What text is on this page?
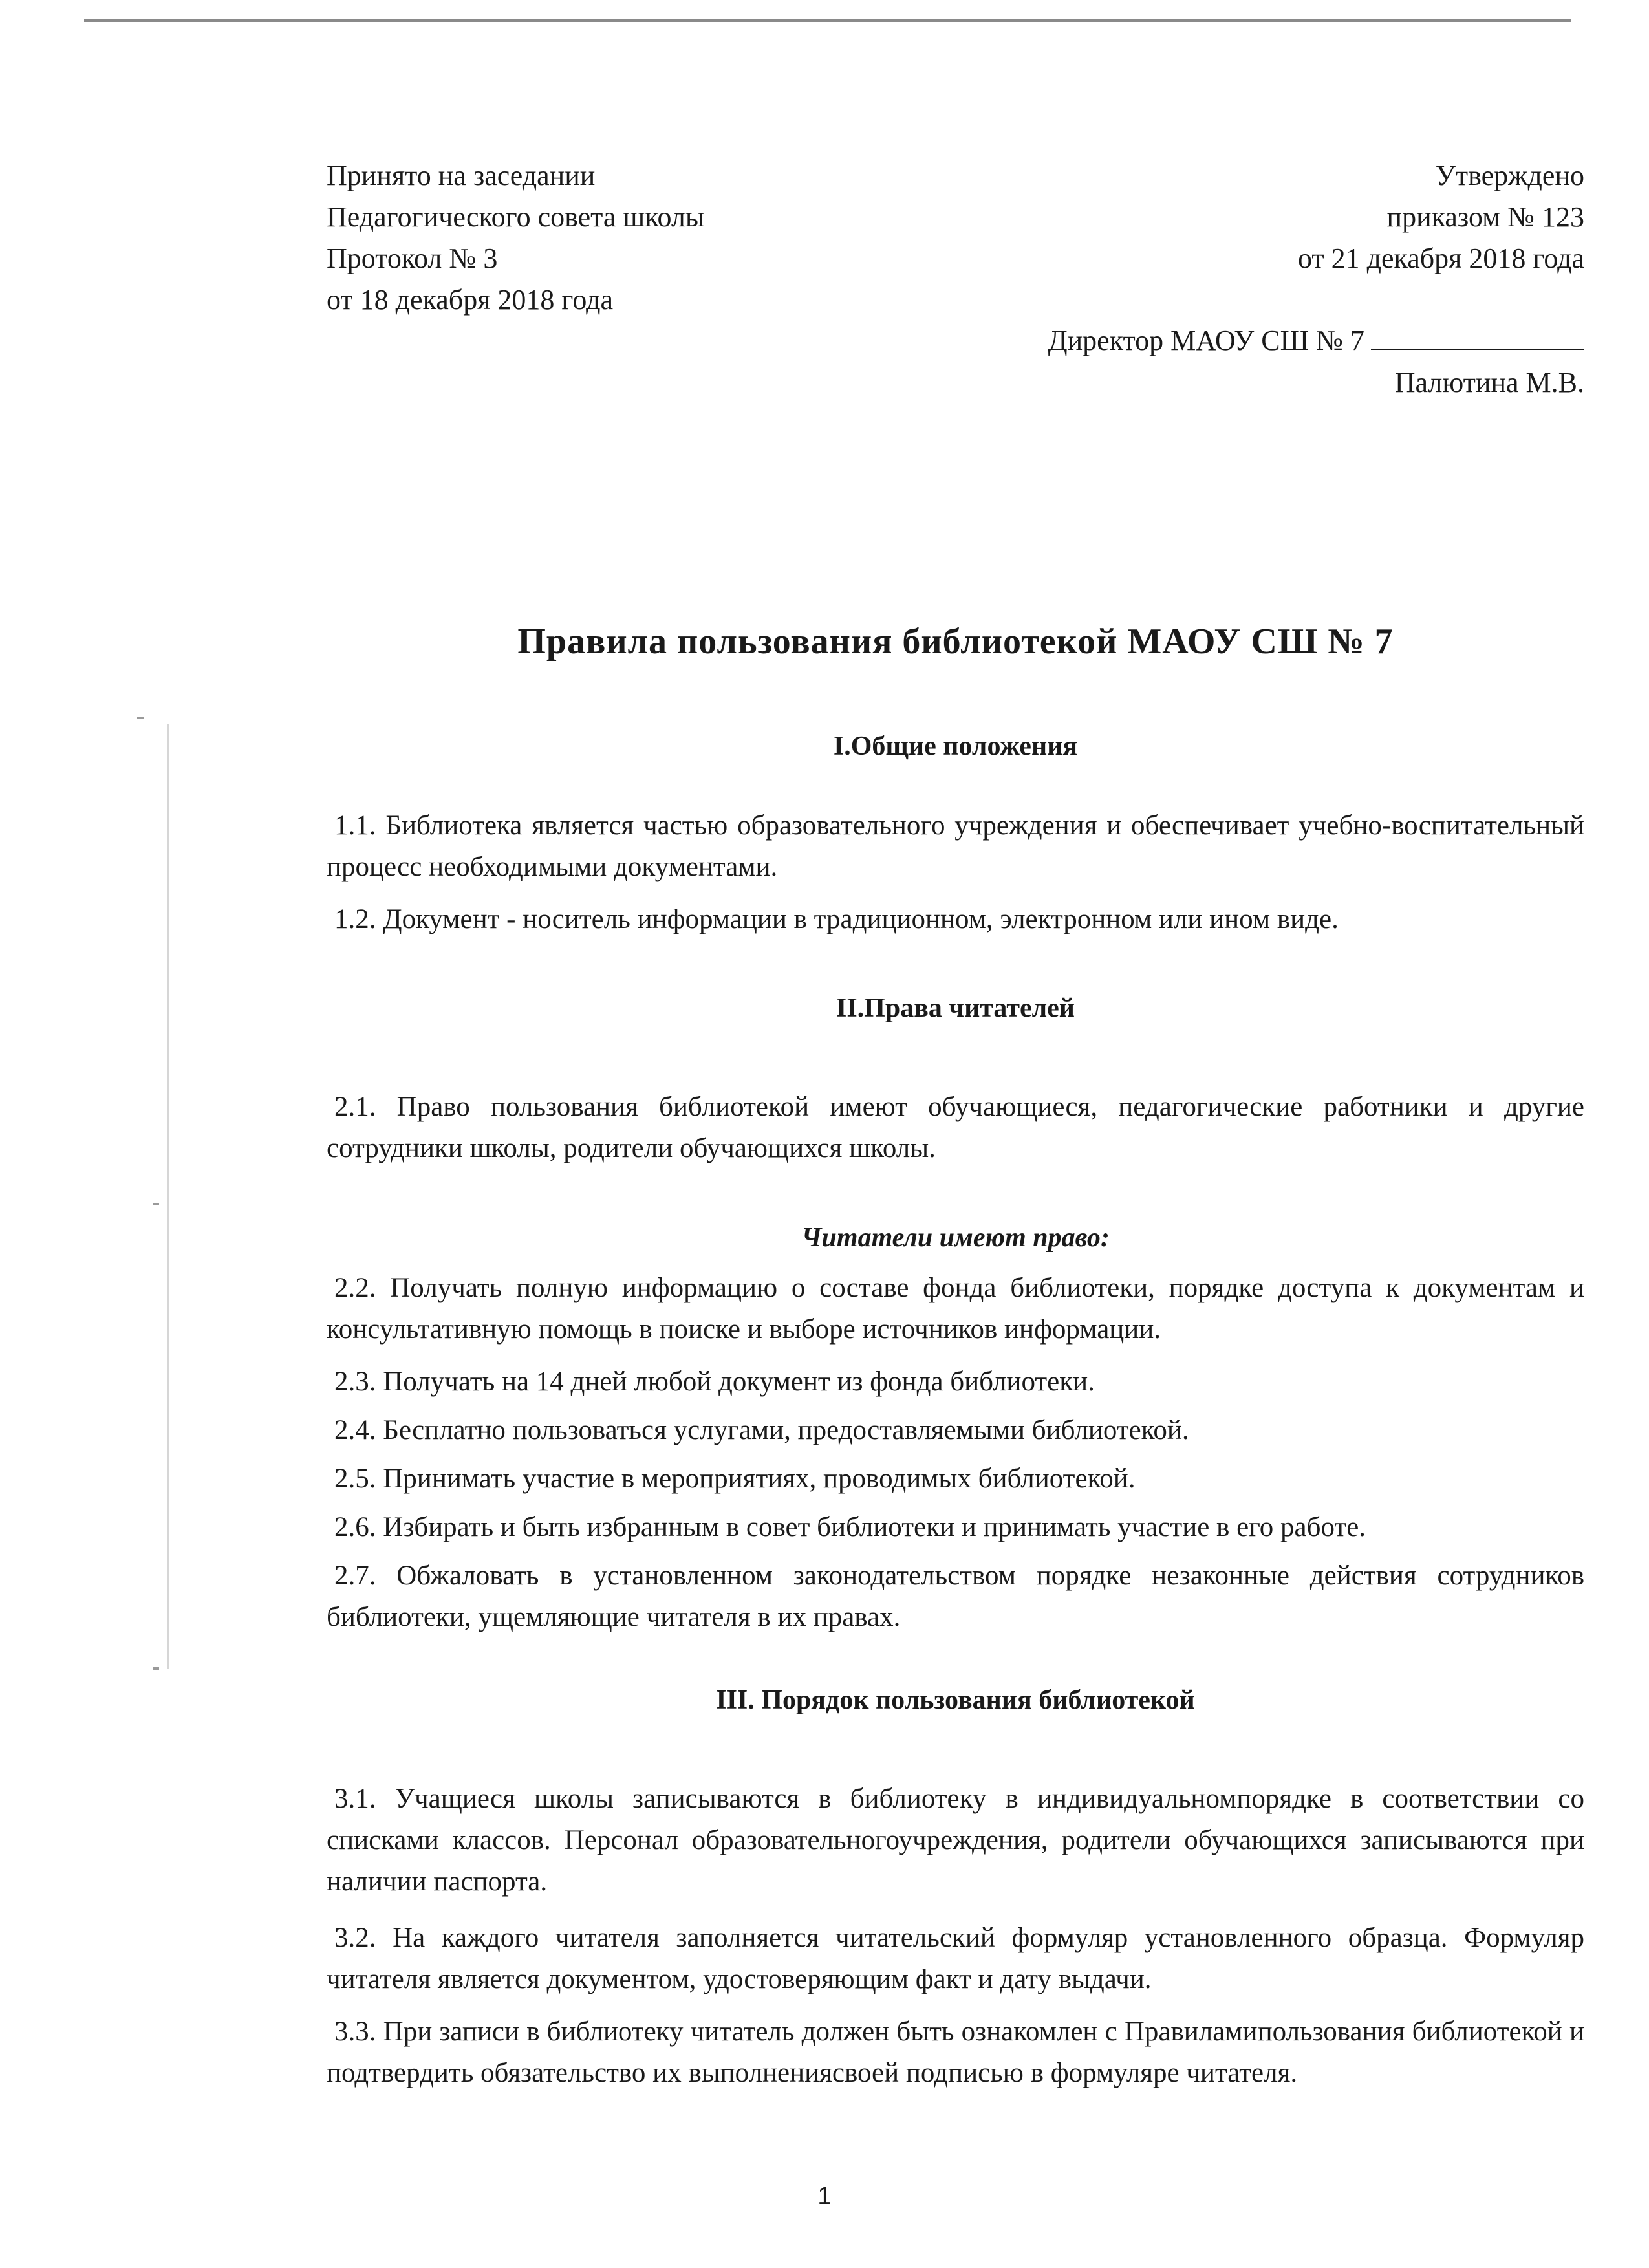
Принято на заседании
Педагогического совета школы
Протокол № 3
от 18 декабря 2018 года
Утверждено
приказом № 123
от 21 декабря 2018 года
Директор МАОУ СШ № 7
Палютина М.В.
Правила пользования библиотекой МАОУ СШ № 7
I.Общие положения
1.1. Библиотека является частью образовательного учреждения и обеспечивает учебно-воспитательный процесс необходимыми документами.
1.2. Документ - носитель информации в традиционном, электронном или ином виде.
II.Права читателей
2.1. Право пользования библиотекой имеют обучающиеся, педагогические работники и другие сотрудники школы, родители обучающихся школы.
Читатели имеют право:
2.2. Получать полную информацию о составе фонда библиотеки, порядке доступа к документам и консультативную помощь в поиске и выборе источников информации.
2.3. Получать на 14 дней любой документ из фонда библиотеки.
2.4. Бесплатно пользоваться услугами, предоставляемыми библиотекой.
2.5. Принимать участие в мероприятиях, проводимых библиотекой.
2.6. Избирать и быть избранным в совет библиотеки и принимать участие в его работе.
2.7. Обжаловать в установленном законодательством порядке незаконные действия сотрудников библиотеки, ущемляющие читателя в их правах.
III. Порядок пользования библиотекой
3.1. Учащиеся школы записываются в библиотеку в индивидуальномпорядке в соответствии со списками классов. Персонал образовательногоучреждения, родители обучающихся записываются при наличии паспорта.
3.2. На каждого читателя заполняется читательский формуляр установленного образца. Формуляр читателя является документом, удостоверяющим факт и дату выдачи.
3.3. При записи в библиотеку читатель должен быть ознакомлен с Правиламипользования библиотекой и подтвердить обязательство их выполнениясвоей подписью в формуляре читателя.
1
